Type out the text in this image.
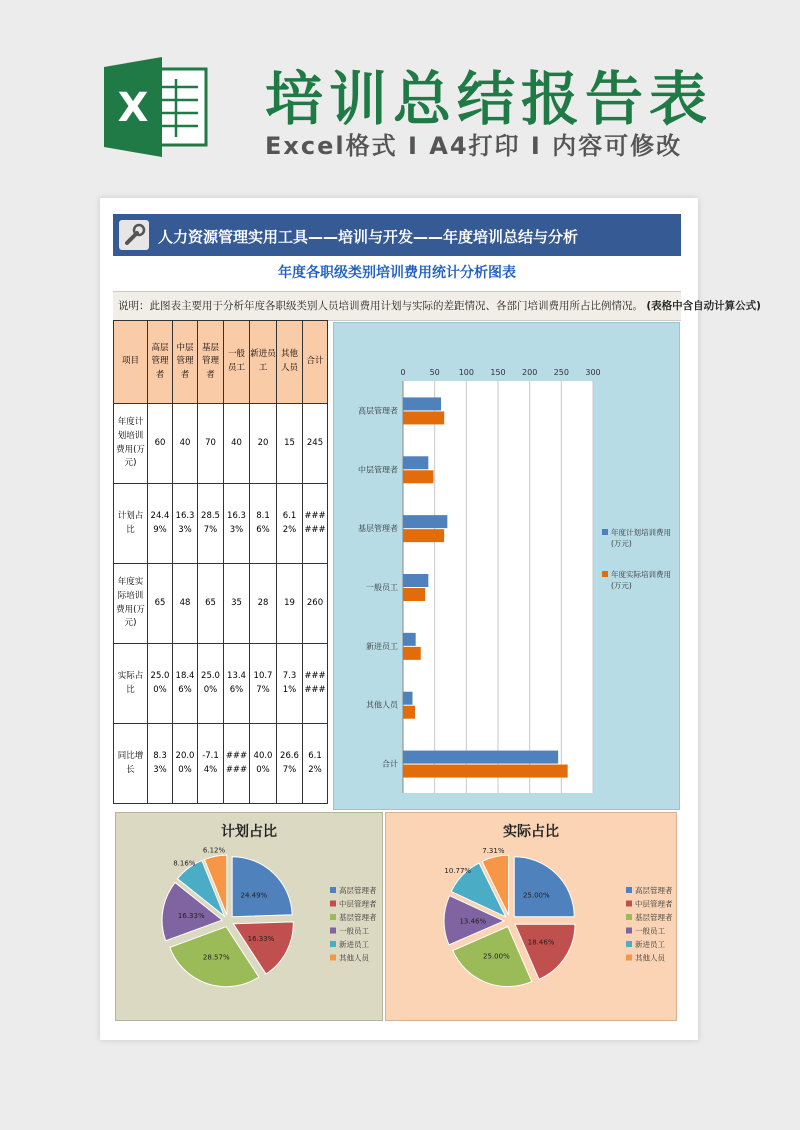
X 培训总结报告表
Excel格式 I A4打印 I 内容可修改
人力资源管理实用工具——培训与开发——年度培训总结与分析
年度各职级类别培训费用统计分析图表
说明：此图表主要用于分析年度各职级类别人员培训费用计划与实际的差距情况、各部门培训费用所占比例情况。 (表格中含自动计算公式)
项目	高层管理者	中层管理者	基层管理者	一般员工	新进员工	其他人员	合计
年度计划培训费用(万元)	60	40	70	40	20	15	245
计划占比	24.49%	16.33%	28.57%	16.33%	8.16%	6.12%	######
年度实际培训费用(万元)	65	48	65	35	28	19	260
实际占比	25.00%	18.46%	25.00%	13.46%	10.77%	7.31%	######
同比增长	8.33%	20.00%	-7.14%	######	40.00%	26.67%	6.12%
0	50 100 150 200 250 300
高层管理者
中层管理者
基层管理者
一般员工
新进员工
其他人员
合计
年度计划培训费用(万元)
年度实际培训费用(万元)
计划占比
24.49%
16.33%
28.57%
16.33%
8.16%
6.12%
高层管理者
中层管理者
基层管理者
一般员工
新进员工
其他人员
实际占比
25.00%
18.46%
25.00%
13.46%
10.77%
7.31%
高层管理者
中层管理者
基层管理者
一般员工
新进员工
其他人员
